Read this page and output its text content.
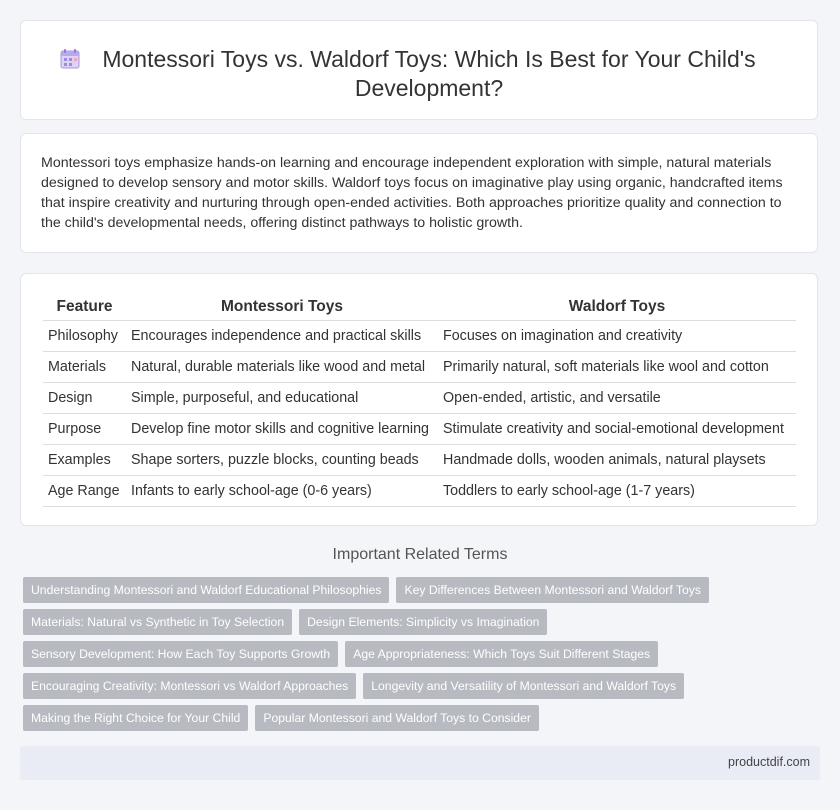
Montessori Toys vs. Waldorf Toys: Which Is Best for Your Child's Development?

Montessori toys emphasize hands-on learning and encourage independent exploration with simple, natural materials designed to develop sensory and motor skills. Waldorf toys focus on imaginative play using organic, handcrafted items that inspire creativity and nurturing through open-ended activities. Both approaches prioritize quality and connection to the child's developmental needs, offering distinct pathways to holistic growth.

Feature	Montessori Toys	Waldorf Toys
Philosophy	Encourages independence and practical skills	Focuses on imagination and creativity
Materials	Natural, durable materials like wood and metal	Primarily natural, soft materials like wool and cotton
Design	Simple, purposeful, and educational	Open-ended, artistic, and versatile
Purpose	Develop fine motor skills and cognitive learning	Stimulate creativity and social-emotional development
Examples	Shape sorters, puzzle blocks, counting beads	Handmade dolls, wooden animals, natural playsets
Age Range	Infants to early school-age (0-6 years)	Toddlers to early school-age (1-7 years)
Important Related Terms
Understanding Montessori and Waldorf Educational Philosophies	Key Differences Between Montessori and Waldorf Toys
Materials: Natural vs Synthetic in Toy Selection	Design Elements: Simplicity vs Imagination
Sensory Development: How Each Toy Supports Growth	Age Appropriateness: Which Toys Suit Different Stages
Encouraging Creativity: Montessori vs Waldorf Approaches	Longevity and Versatility of Montessori and Waldorf Toys
Making the Right Choice for Your Child	Popular Montessori and Waldorf Toys to Consider
productdif.com
